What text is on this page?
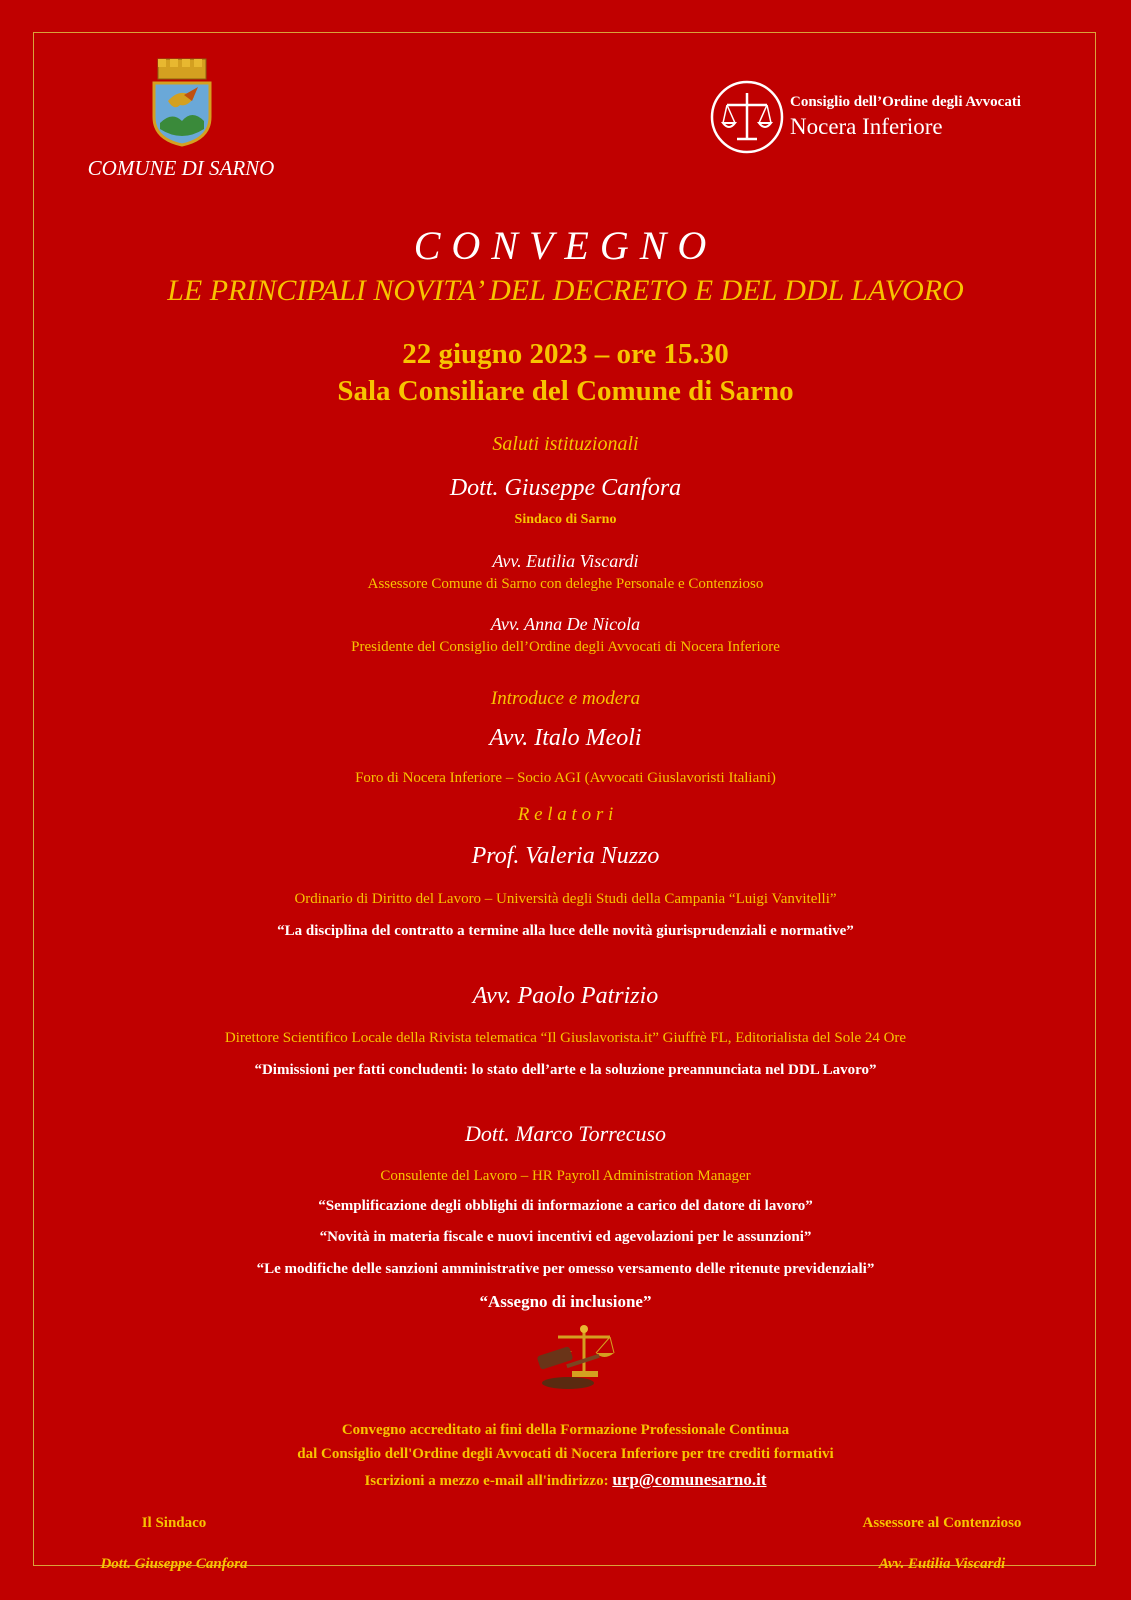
COMUNE DI SARNO
Consiglio dell’Ordine degli Avvocati
Nocera Inferiore
CONVEGNO
LE PRINCIPALI NOVITA’ DEL DECRETO E DEL DDL LAVORO
22 giugno 2023 – ore 15.30
Sala Consiliare del Comune di Sarno
Saluti istituzionali
Dott. Giuseppe Canfora
Sindaco di Sarno
Avv. Eutilia Viscardi
Assessore Comune di Sarno con deleghe Personale e Contenzioso
Avv. Anna De Nicola
Presidente del Consiglio dell’Ordine degli Avvocati di Nocera Inferiore
Introduce e modera
Avv. Italo Meoli
Foro di Nocera Inferiore – Socio AGI (Avvocati Giuslavoristi Italiani)
R e l a t o r i
Prof. Valeria Nuzzo
Ordinario di Diritto del Lavoro – Università degli Studi della Campania “Luigi Vanvitelli”
“La disciplina del contratto a termine alla luce delle novità giurisprudenziali e normative”
Avv. Paolo Patrizio
Direttore Scientifico Locale della Rivista telematica “Il Giuslavorista.it” Giuffrè FL, Editorialista del Sole 24 Ore
“Dimissioni per fatti concludenti: lo stato dell’arte e la soluzione preannunciata nel DDL Lavoro”
Dott. Marco Torrecuso
Consulente del Lavoro – HR Payroll Administration Manager
“Semplificazione degli obblighi di informazione a carico del datore di lavoro”
“Novità in materia fiscale e nuovi incentivi ed agevolazioni per le assunzioni”
“Le modifiche delle sanzioni amministrative per omesso versamento delle ritenute previdenziali”
“Assegno di inclusione”
Convegno accreditato ai fini della Formazione Professionale Continua
dal Consiglio dell'Ordine degli Avvocati di Nocera Inferiore per tre crediti formativi
Iscrizioni a mezzo e-mail all'indirizzo: urp@comunesarno.it
Il Sindaco
Dott. Giuseppe Canfora
Assessore al Contenzioso
Avv. Eutilia Viscardi
